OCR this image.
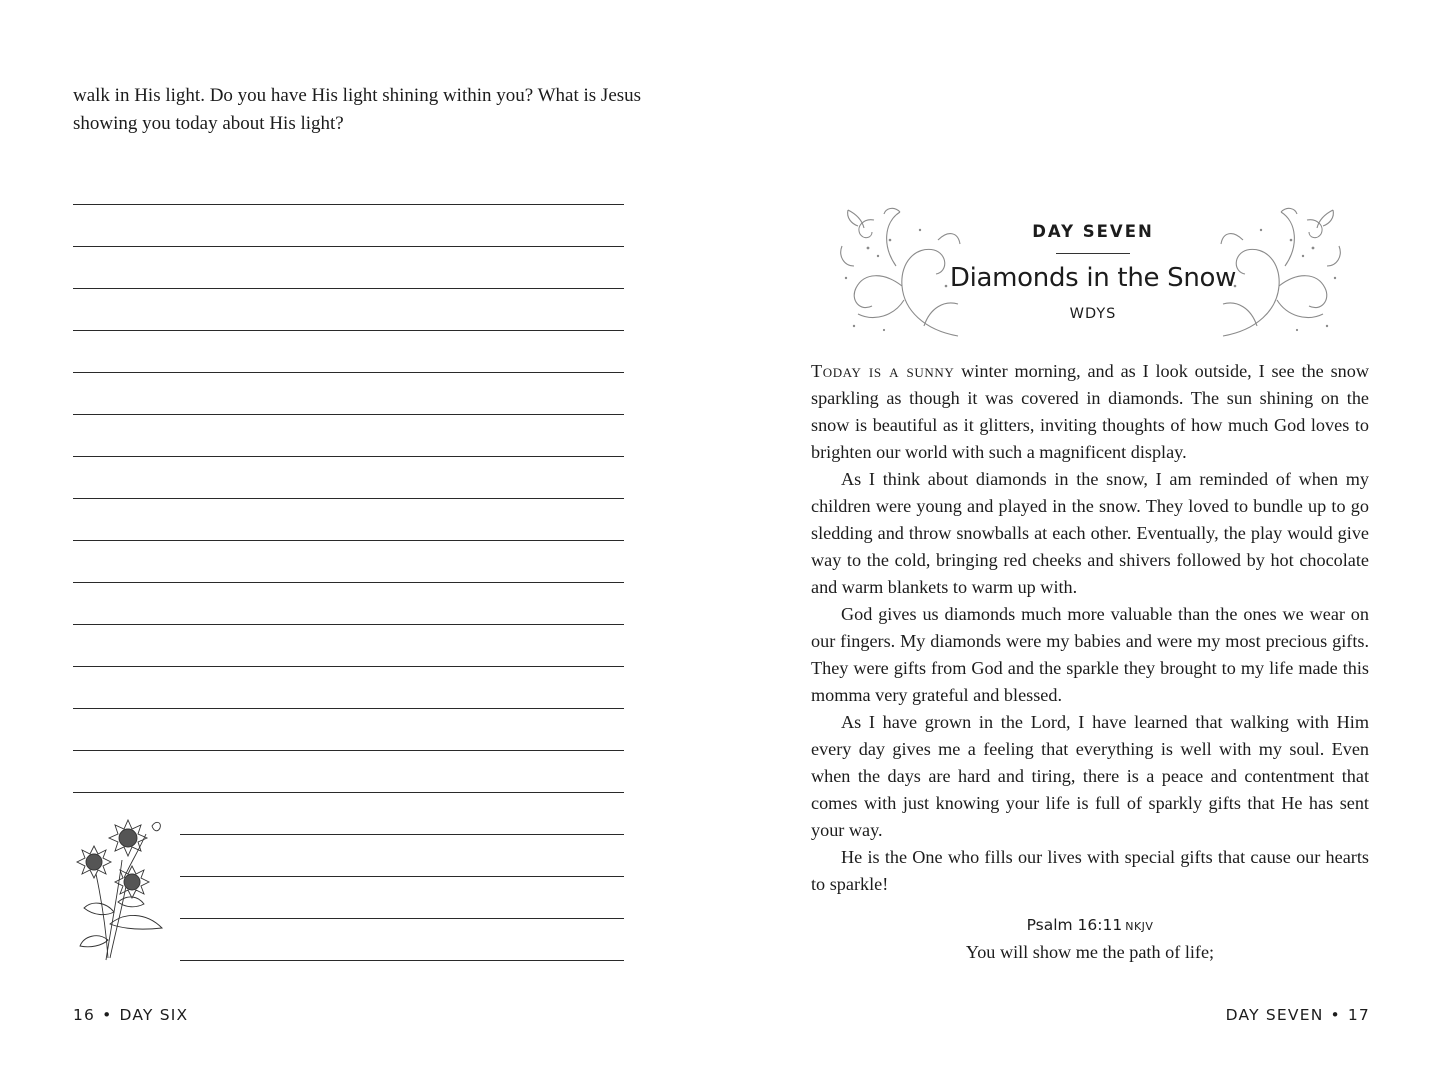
walk in His light. Do you have His light shining within you? What is Jesus showing you today about His light?
16 • DAY SIX
DAY SEVEN
Diamonds in the Snow
WDYS

Today is a sunny winter morning, and as I look outside, I see the snow sparkling as though it was covered in diamonds. The sun shining on the snow is beautiful as it glitters, inviting thoughts of how much God loves to brighten our world with such a magnificent display.

As I think about diamonds in the snow, I am reminded of when my children were young and played in the snow. They loved to bundle up to go sledding and throw snowballs at each other. Eventually, the play would give way to the cold, bringing red cheeks and shivers followed by hot chocolate and warm blankets to warm up with.

God gives us diamonds much more valuable than the ones we wear on our fingers. My diamonds were my babies and were my most precious gifts. They were gifts from God and the sparkle they brought to my life made this momma very grateful and blessed.

As I have grown in the Lord, I have learned that walking with Him every day gives me a feeling that everything is well with my soul. Even when the days are hard and tiring, there is a peace and contentment that comes with just knowing your life is full of sparkly gifts that He has sent your way.

He is the One who fills our lives with special gifts that cause our hearts to sparkle!

Psalm 16:11 NKJV
You will show me the path of life;
DAY SEVEN • 17
